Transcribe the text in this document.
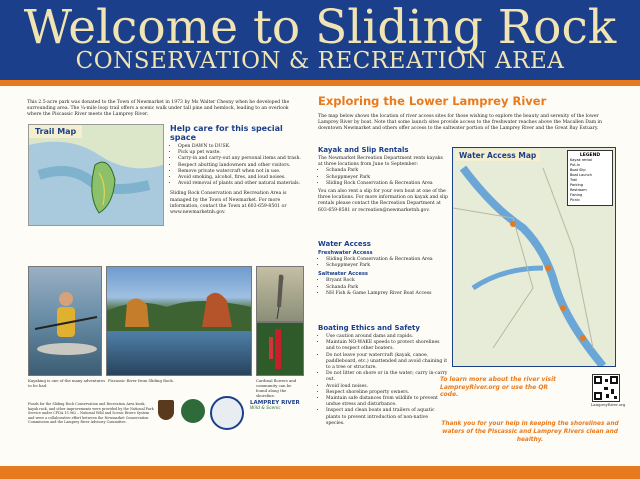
Welcome to Sliding Rock
CONSERVATION & RECREATION AREA
This 2.5-acre park was donated to the Town of Newmarket in 1973 by Ms Walter Chesny when he developed the surrounding area. The ¼-mile loop trail offers a scenic walk under tall pine and hemlock, leading to an overlook where the Piscassic River meets the Lamprey River.
Trail Map	Help care for this special space
• Open DAWN to DUSK.
• Pick up pet waste.
• Carry-in and carry-out any personal items and trash.
• Respect abutting landowners and other visitors.
• Remove private watercraft when not in use.
• Avoid smoking, alcohol, fires, and loud noises.
• Avoid removal of plants and other natural materials.
Sliding Rock Conservation and Recreation Area is managed by the Town of Newmarket. For more information, contact the Town at 603-659-8501 or www.newmarketnh.gov.
Kayaking is one of the many adventures to be had.
Piscassic River from Sliding Rock.	Cardinal flowers and community can be found along the shoreline.
Funds for the Sliding Rock Conservation and Recreation Area kiosk, kayak rack, and other improvements were provided by the National Park Service under CFDA 15.962 – National Wild and Scenic Rivers System and were a collaborative effort between the Newmarket Conservation Commission and the Lamprey River Advisory Committee.
LAMPREY RIVER
Wild & Scenic
Exploring the Lower Lamprey River
The map below shows the location of river access sites for those wishing to explore the beauty and serenity of the lower Lamprey River by boat. Note that some launch sites provide access to the freshwater reaches above the Macallen Dam in downtown Newmarket and others offer access to the saltwater portion of the Lamprey River and the Great Bay Estuary.
Kayak and Slip Rentals
The Newmarket Recreation Department rents kayaks at three locations from June to September:
• Schanda Park
• Schoppmeyer Park
• Sliding Rock Conservation & Recreation Area
You can also rent a slip for your own boat at one of the three locations. For more information on kayak and slip rentals please contact the Recreation Department at 603-659-8581 or recreation@newmarketnh.gov.
Water Access
Freshwater Access
• Sliding Rock Conservation & Recreation Area
• Schoppmeyer Park
Saltwater Access
• Bryant Rock
• Schanda Park
• NH Fish & Game Lamprey River Boat Access
Boating Ethics and Safety
• Use caution around dams and rapids.
• Maintain NO-WAKE speeds to protect shorelines and to respect other boaters.
• Do not leave your watercraft (kayak, canoe, paddleboard, etc.) unattended and avoid chaining it to a tree or structure.
• Do not litter on shore or in the water; carry in-carry out.
• Avoid loud noises.
• Respect shoreline property owners.
• Maintain safe distances from wildlife to prevent undue stress and disturbance.
• Inspect and clean boats and trailers of aquatic plants to prevent introduction of non-native species.
Water Access Map	LEGEND
Kayak rental
Put-In
Boat Slip
Boat Launch
Trail
Parking
Restroom
Fishing
Picnic
To learn more about the river visit LampreyRiver.org or use the QR code.
LampreyRiver.org
Thank you for your help in keeping the shorelines and waters of the Piscassic and Lamprey Rivers clean and healthy.
